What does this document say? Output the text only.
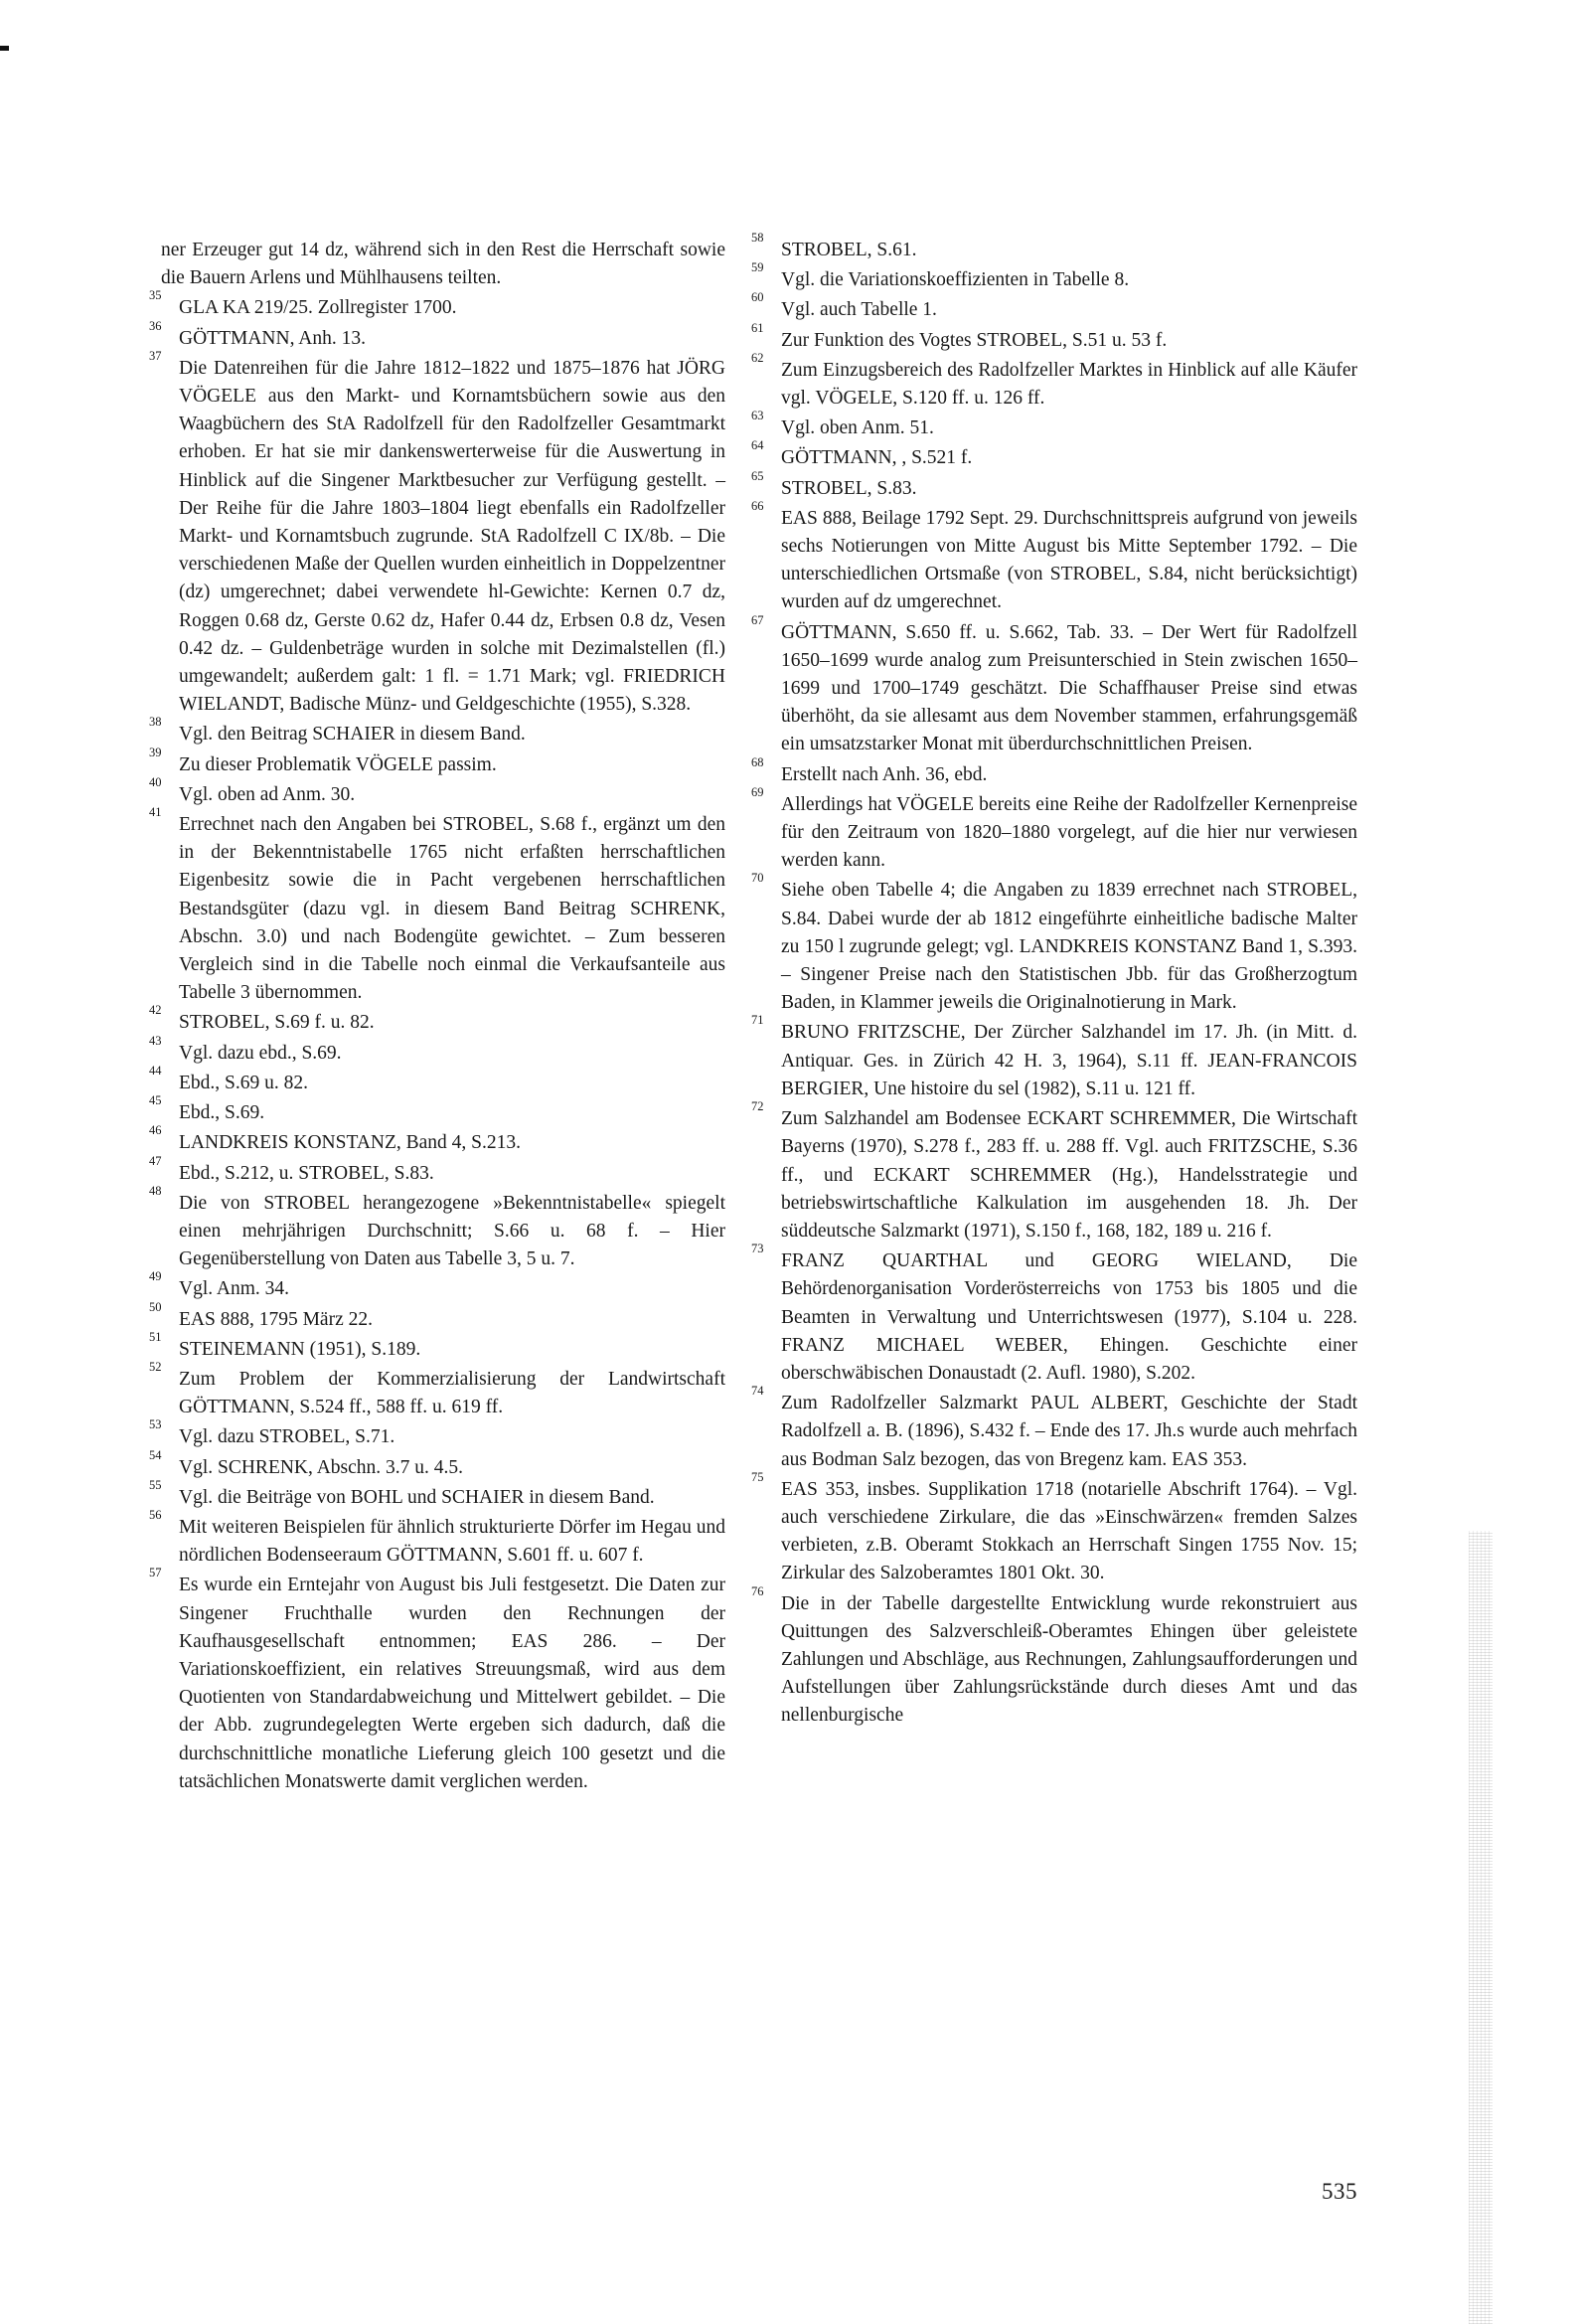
ner Erzeuger gut 14 dz, während sich in den Rest die Herrschaft sowie die Bauern Arlens und Mühlhausens teilten.
35
GLA KA 219/25. Zollregister 1700.
36
GÖTTMANN, Anh. 13.
37
Die Datenreihen für die Jahre 1812–1822 und 1875–1876 hat JÖRG VÖGELE aus den Markt- und Kornamtsbüchern sowie aus den Waagbüchern des StA Radolfzell für den Radolfzeller Gesamtmarkt erhoben. Er hat sie mir dankenswerterweise für die Auswertung in Hinblick auf die Singener Marktbesucher zur Verfügung gestellt. – Der Reihe für die Jahre 1803–1804 liegt ebenfalls ein Radolfzeller Markt- und Kornamtsbuch zugrunde. StA Radolfzell C IX/8b. – Die verschiedenen Maße der Quellen wurden einheitlich in Doppelzentner (dz) umgerechnet; dabei verwendete hl-Gewichte: Kernen 0.7 dz, Roggen 0.68 dz, Gerste 0.62 dz, Hafer 0.44 dz, Erbsen 0.8 dz, Vesen 0.42 dz. – Guldenbeträge wurden in solche mit Dezimalstellen (fl.) umgewandelt; außerdem galt: 1 fl. = 1.71 Mark; vgl. FRIEDRICH WIELANDT, Badische Münz- und Geldgeschichte (1955), S.328.
38
Vgl. den Beitrag SCHAIER in diesem Band.
39
Zu dieser Problematik VÖGELE passim.
40
Vgl. oben ad Anm. 30.
41
Errechnet nach den Angaben bei STROBEL, S.68 f., ergänzt um den in der Bekenntnistabelle 1765 nicht erfaßten herrschaftlichen Eigenbesitz sowie die in Pacht vergebenen herrschaftlichen Bestandsgüter (dazu vgl. in diesem Band Beitrag SCHRENK, Abschn. 3.0) und nach Bodengüte gewichtet. – Zum besseren Vergleich sind in die Tabelle noch einmal die Verkaufsanteile aus Tabelle 3 übernommen.
42
STROBEL, S.69 f. u. 82.
43
Vgl. dazu ebd., S.69.
44
Ebd., S.69 u. 82.
45
Ebd., S.69.
46
LANDKREIS KONSTANZ, Band 4, S.213.
47
Ebd., S.212, u. STROBEL, S.83.
48
Die von STROBEL herangezogene »Bekenntnistabelle« spiegelt einen mehrjährigen Durchschnitt; S.66 u. 68 f. – Hier Gegenüberstellung von Daten aus Tabelle 3, 5 u. 7.
49
Vgl. Anm. 34.
50
EAS 888, 1795 März 22.
51
STEINEMANN (1951), S.189.
52
Zum Problem der Kommerzialisierung der Landwirtschaft GÖTTMANN, S.524 ff., 588 ff. u. 619 ff.
53
Vgl. dazu STROBEL, S.71.
54
Vgl. SCHRENK, Abschn. 3.7 u. 4.5.
55
Vgl. die Beiträge von BOHL und SCHAIER in diesem Band.
56
Mit weiteren Beispielen für ähnlich strukturierte Dörfer im Hegau und nördlichen Bodenseeraum GÖTTMANN, S.601 ff. u. 607 f.
57
Es wurde ein Erntejahr von August bis Juli festgesetzt. Die Daten zur Singener Fruchthalle wurden den Rechnungen der Kaufhausgesellschaft entnommen; EAS 286. – Der Variationskoeffizient, ein relatives Streuungsmaß, wird aus dem Quotienten von Standardabweichung und Mittelwert gebildet. – Die der Abb. zugrundegelegten Werte ergeben sich dadurch, daß die durchschnittliche monatliche Lieferung gleich 100 gesetzt und die tatsächlichen Monatswerte damit verglichen werden.
58
STROBEL, S.61.
59
Vgl. die Variationskoeffizienten in Tabelle 8.
60
Vgl. auch Tabelle 1.
61
Zur Funktion des Vogtes STROBEL, S.51 u. 53 f.
62
Zum Einzugsbereich des Radolfzeller Marktes in Hinblick auf alle Käufer vgl. VÖGELE, S.120 ff. u. 126 ff.
63
Vgl. oben Anm. 51.
64
GÖTTMANN, , S.521 f.
65
STROBEL, S.83.
66
EAS 888, Beilage 1792 Sept. 29. Durchschnittspreis aufgrund von jeweils sechs Notierungen von Mitte August bis Mitte September 1792. – Die unterschiedlichen Ortsmaße (von STROBEL, S.84, nicht berücksichtigt) wurden auf dz umgerechnet.
67
GÖTTMANN, S.650 ff. u. S.662, Tab. 33. – Der Wert für Radolfzell 1650–1699 wurde analog zum Preisunterschied in Stein zwischen 1650–1699 und 1700–1749 geschätzt. Die Schaffhauser Preise sind etwas überhöht, da sie allesamt aus dem November stammen, erfahrungsgemäß ein umsatzstarker Monat mit überdurchschnittlichen Preisen.
68
Erstellt nach Anh. 36, ebd.
69
Allerdings hat VÖGELE bereits eine Reihe der Radolfzeller Kernenpreise für den Zeitraum von 1820–1880 vorgelegt, auf die hier nur verwiesen werden kann.
70
Siehe oben Tabelle 4; die Angaben zu 1839 errechnet nach STROBEL, S.84. Dabei wurde der ab 1812 eingeführte einheitliche badische Malter zu 150 l zugrunde gelegt; vgl. LANDKREIS KONSTANZ Band 1, S.393. – Singener Preise nach den Statistischen Jbb. für das Großherzogtum Baden, in Klammer jeweils die Originalnotierung in Mark.
71
BRUNO FRITZSCHE, Der Zürcher Salzhandel im 17. Jh. (in Mitt. d. Antiquar. Ges. in Zürich 42 H. 3, 1964), S.11 ff. JEAN-FRANCOIS BERGIER, Une histoire du sel (1982), S.11 u. 121 ff.
72
Zum Salzhandel am Bodensee ECKART SCHREMMER, Die Wirtschaft Bayerns (1970), S.278 f., 283 ff. u. 288 ff. Vgl. auch FRITZSCHE, S.36 ff., und ECKART SCHREMMER (Hg.), Handelsstrategie und betriebswirtschaftliche Kalkulation im ausgehenden 18. Jh. Der süddeutsche Salzmarkt (1971), S.150 f., 168, 182, 189 u. 216 f.
73
FRANZ QUARTHAL und GEORG WIELAND, Die Behördenorganisation Vorderösterreichs von 1753 bis 1805 und die Beamten in Verwaltung und Unterrichtswesen (1977), S.104 u. 228. FRANZ MICHAEL WEBER, Ehingen. Geschichte einer oberschwäbischen Donaustadt (2. Aufl. 1980), S.202.
74
Zum Radolfzeller Salzmarkt PAUL ALBERT, Geschichte der Stadt Radolfzell a. B. (1896), S.432 f. – Ende des 17. Jh.s wurde auch mehrfach aus Bodman Salz bezogen, das von Bregenz kam. EAS 353.
75
EAS 353, insbes. Supplikation 1718 (notarielle Abschrift 1764). – Vgl. auch verschiedene Zirkulare, die das »Einschwärzen« fremden Salzes verbieten, z.B. Oberamt Stokkach an Herrschaft Singen 1755 Nov. 15; Zirkular des Salzoberamtes 1801 Okt. 30.
76
Die in der Tabelle dargestellte Entwicklung wurde rekonstruiert aus Quittungen des Salzverschleiß-Oberamtes Ehingen über geleistete Zahlungen und Abschläge, aus Rechnungen, Zahlungsaufforderungen und Aufstellungen über Zahlungsrückstände durch dieses Amt und das nellenburgische
535
